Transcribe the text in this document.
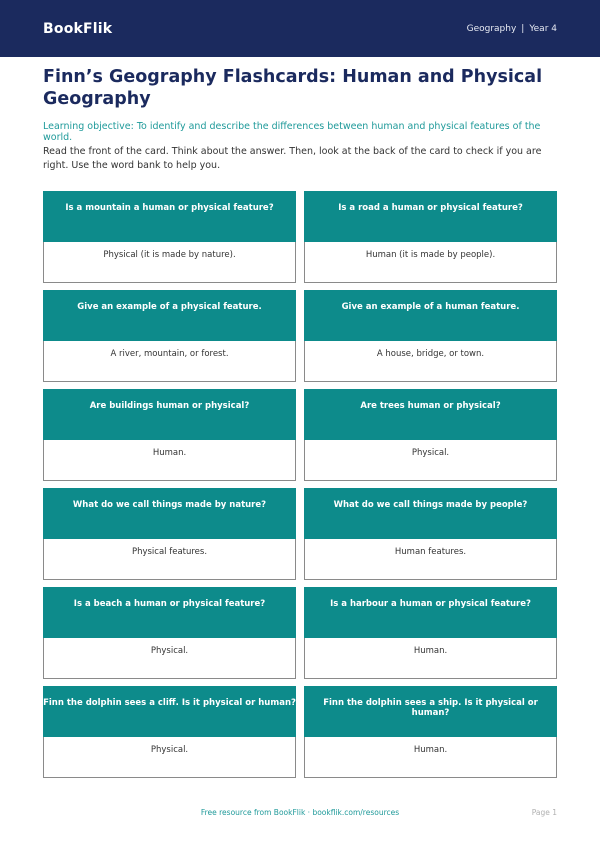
BookFlik	Geography | Year 4
Finn’s Geography Flashcards: Human and Physical Geography

Learning objective: To identify and describe the differences between human and physical features of the world.

Read the front of the card. Think about the answer. Then, look at the back of the card to check if you are right. Use the word bank to help you.

Is a mountain a human or physical feature?
Physical (it is made by nature).
Is a road a human or physical feature?
Human (it is made by people).
Give an example of a physical feature.
A river, mountain, or forest.
Give an example of a human feature.
A house, bridge, or town.
Are buildings human or physical?
Human.
Are trees human or physical?
Physical.
What do we call things made by nature?
Physical features.
What do we call things made by people?
Human features.
Is a beach a human or physical feature?
Physical.
Is a harbour a human or physical feature?
Human.
Finn the dolphin sees a cliff. Is it physical or human?
Physical.
Finn the dolphin sees a ship. Is it physical or human?
Human.
Free resource from BookFlik · bookflik.com/resources	Page 1
